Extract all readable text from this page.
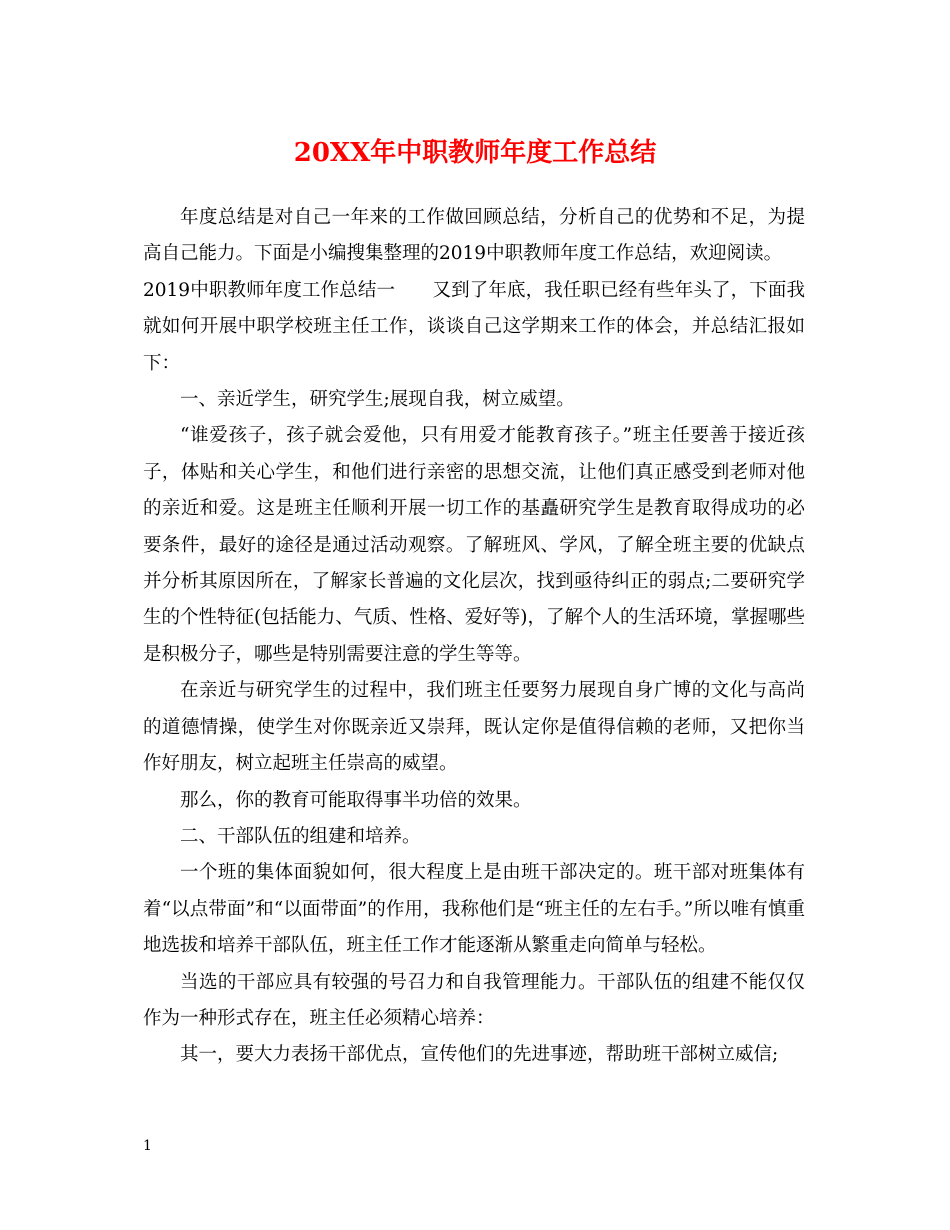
20XX年中职教师年度工作总结

年度总结是对自己一年来的工作做回顾总结，分析自己的优势和不足，为提高自己能力。下面是小编搜集整理的2019中职教师年度工作总结，欢迎阅读。

2019中职教师年度工作总结一　　又到了年底，我任职已经有些年头了，下面我就如何开展中职学校班主任工作，谈谈自己这学期来工作的体会，并总结汇报如下：

一、亲近学生，研究学生;展现自我，树立威望。

“谁爱孩子，孩子就会爱他，只有用爱才能教育孩子。”班主任要善于接近孩子，体贴和关心学生，和他们进行亲密的思想交流，让他们真正感受到老师对他的亲近和爱。这是班主任顺利开展一切工作的基矗研究学生是教育取得成功的必要条件，最好的途径是通过活动观察。了解班风、学风，了解全班主要的优缺点并分析其原因所在，了解家长普遍的文化层次，找到亟待纠正的弱点;二要研究学生的个性特征(包括能力、气质、性格、爱好等)，了解个人的生活环境，掌握哪些是积极分子，哪些是特别需要注意的学生等等。

在亲近与研究学生的过程中，我们班主任要努力展现自身广博的文化与高尚的道德情操，使学生对你既亲近又崇拜，既认定你是值得信赖的老师，又把你当作好朋友，树立起班主任崇高的威望。

那么，你的教育可能取得事半功倍的效果。

二、干部队伍的组建和培养。

一个班的集体面貌如何，很大程度上是由班干部决定的。班干部对班集体有着“以点带面”和“以面带面”的作用，我称他们是“班主任的左右手。”所以唯有慎重地选拔和培养干部队伍，班主任工作才能逐渐从繁重走向简单与轻松。

当选的干部应具有较强的号召力和自我管理能力。干部队伍的组建不能仅仅作为一种形式存在，班主任必须精心培养：

其一，要大力表扬干部优点，宣传他们的先进事迹，帮助班干部树立威信;

1
